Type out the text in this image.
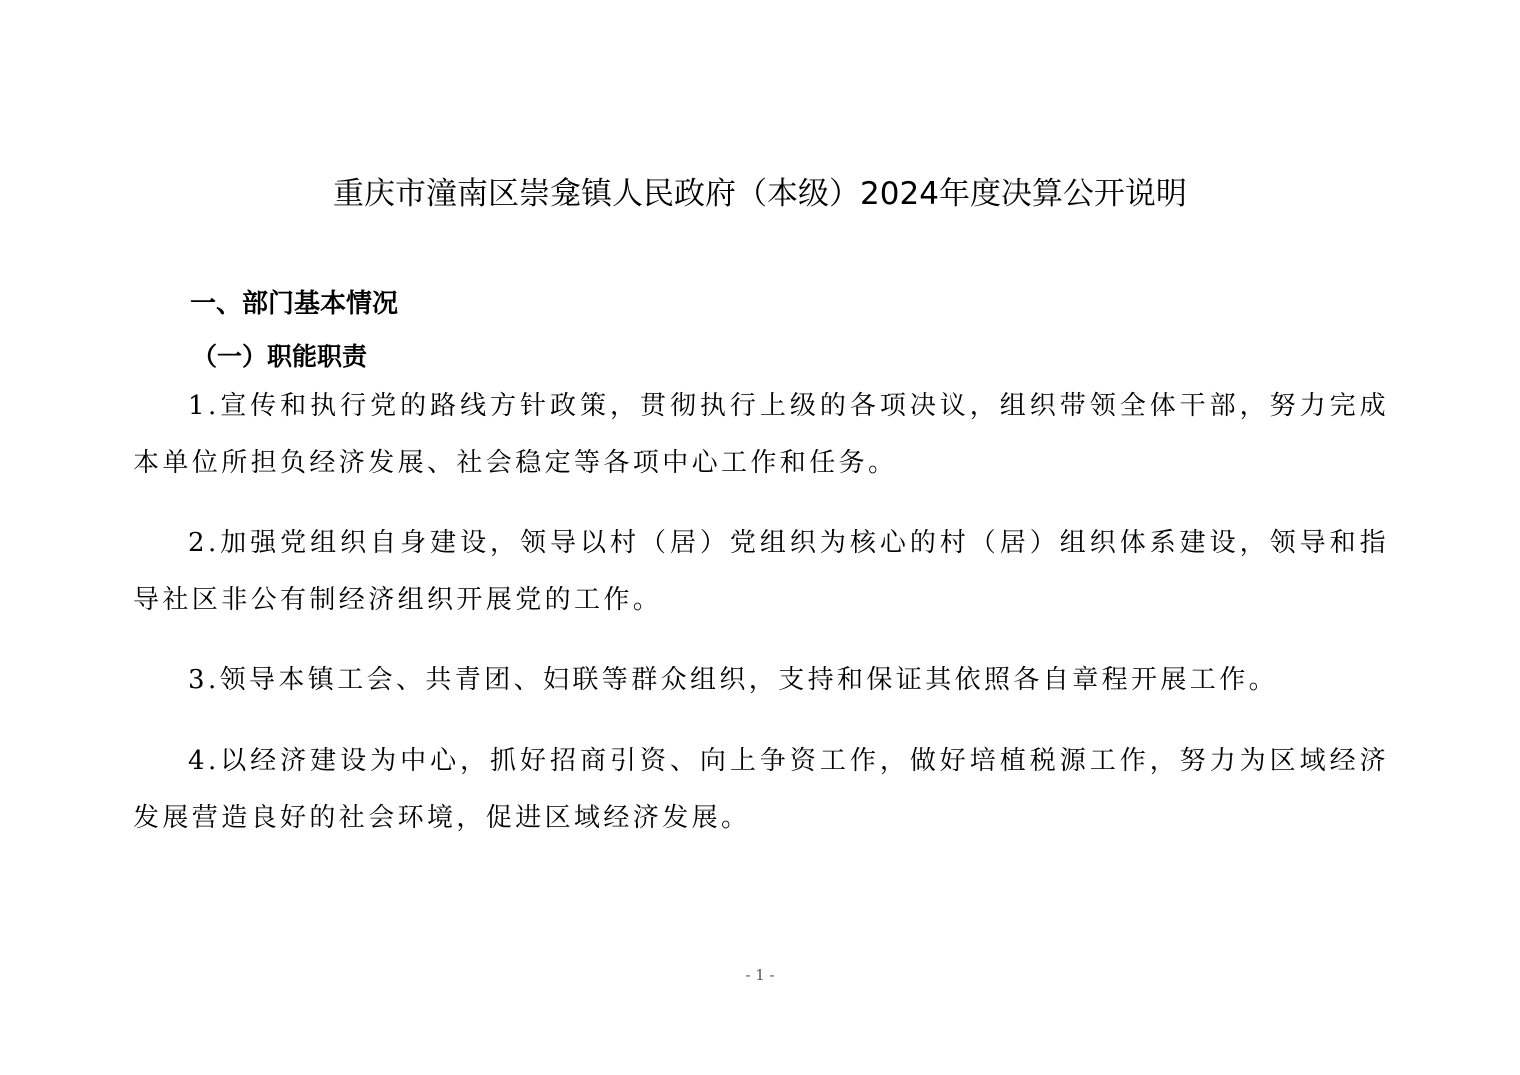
重庆市潼南区崇龛镇人民政府（本级）2024年度决算公开说明
一、部门基本情况
（一）职能职责

1.宣传和执行党的路线方针政策，贯彻执行上级的各项决议，组织带领全体干部，努力完成本单位所担负经济发展、社会稳定等各项中心工作和任务。

2.加强党组织自身建设，领导以村（居）党组织为核心的村（居）组织体系建设，领导和指导社区非公有制经济组织开展党的工作。

3.领导本镇工会、共青团、妇联等群众组织，支持和保证其依照各自章程开展工作。

4.以经济建设为中心，抓好招商引资、向上争资工作，做好培植税源工作，努力为区域经济发展营造良好的社会环境，促进区域经济发展。

- 1 -
